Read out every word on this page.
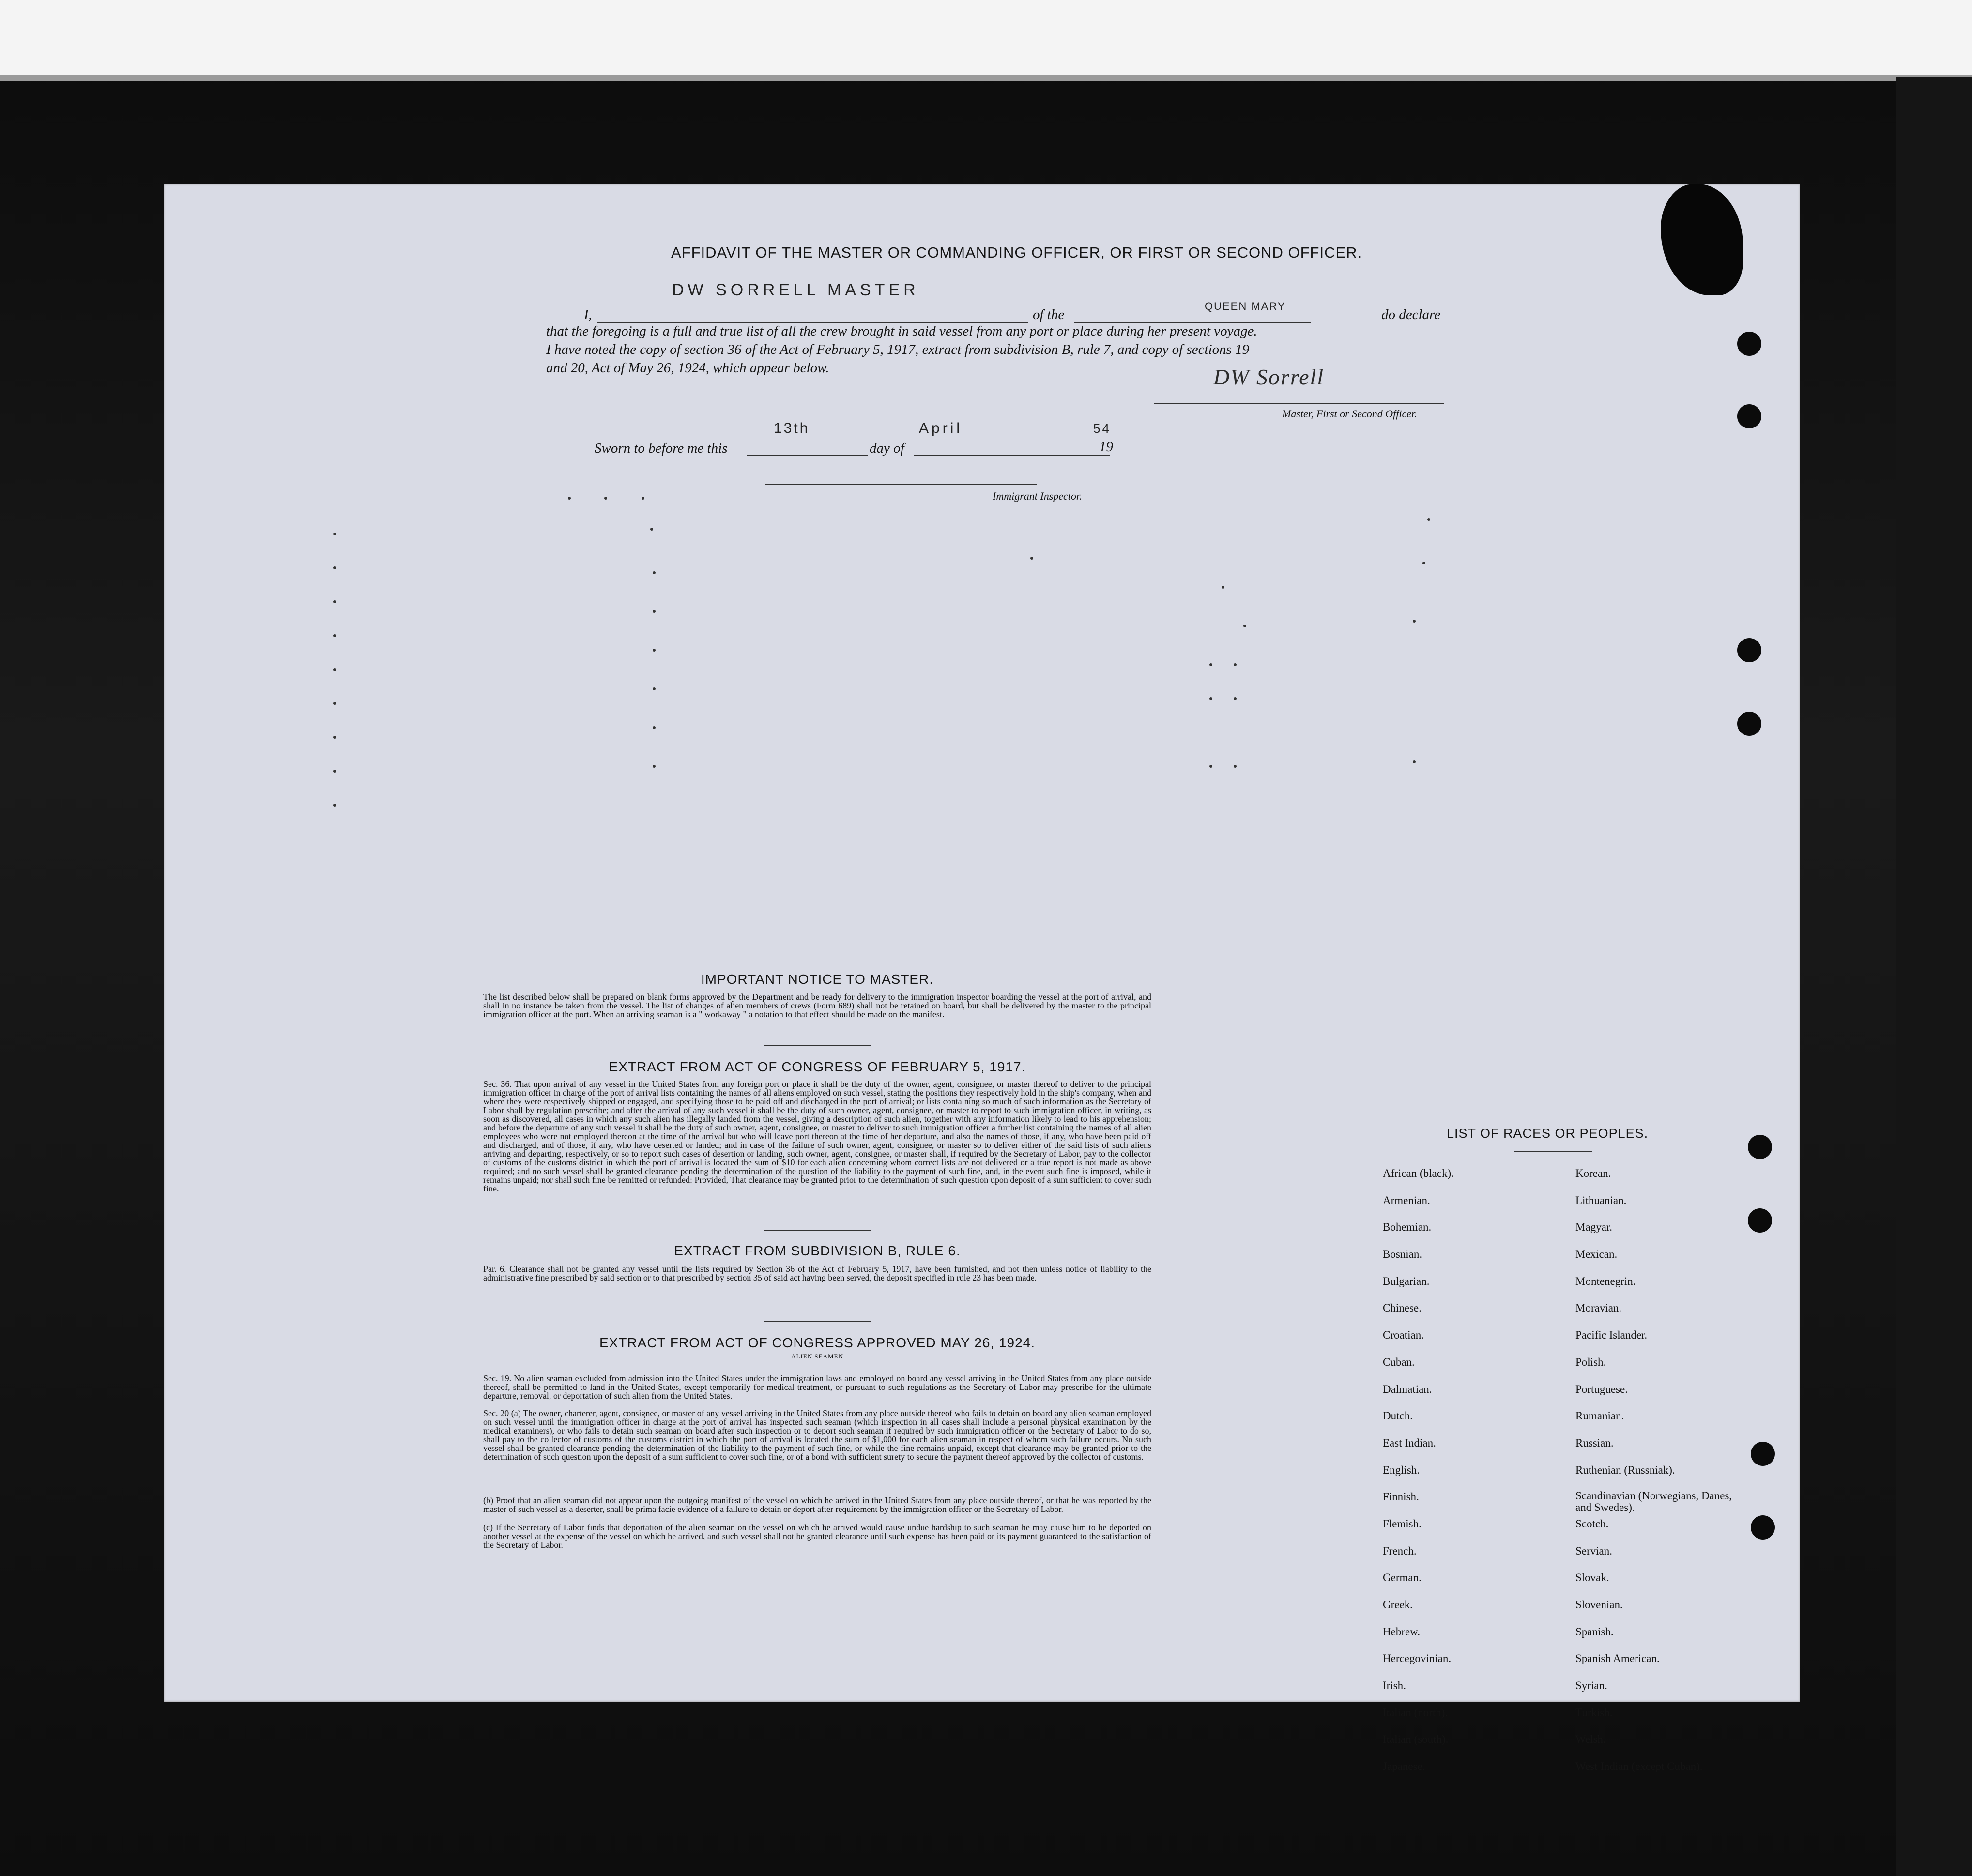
AFFIDAVIT OF THE MASTER OR COMMANDING OFFICER, OR FIRST OR SECOND OFFICER.
I,
DW SORRELL MASTER
of the
QUEEN MARY
do declare
that the foregoing is a full and true list of all the crew brought in said vessel from any port or place during her present voyage.
I have noted the copy of section 36 of the Act of February 5, 1917, extract from subdivision B, rule 7, and copy of sections 19
and 20, Act of May 26, 1924, which appear below.	DW Sorrell
Master, First or Second Officer.
Sworn to before me this
13th
day of
April
19
54
Immigrant Inspector.
IMPORTANT NOTICE TO MASTER.
The list described below shall be prepared on blank forms approved by the Department and be ready for delivery to the immigration inspector boarding the vessel at the port of arrival, and shall in no instance be taken from the vessel. The list of changes of alien members of crews (Form 689) shall not be retained on board, but shall be delivered by the master to the principal immigration officer at the port. When an arriving seaman is a " workaway " a notation to that effect should be made on the manifest.
EXTRACT FROM ACT OF CONGRESS OF FEBRUARY 5, 1917.
Sec. 36. That upon arrival of any vessel in the United States from any foreign port or place it shall be the duty of the owner, agent, consignee, or master thereof to deliver to the principal immigration officer in charge of the port of arrival lists containing the names of all aliens employed on such vessel, stating the positions they respectively hold in the ship's company, when and where they were respectively shipped or engaged, and specifying those to be paid off and discharged in the port of arrival; or lists containing so much of such information as the Secretary of Labor shall by regulation prescribe; and after the arrival of any such vessel it shall be the duty of such owner, agent, consignee, or master to report to such immigration officer, in writing, as soon as discovered, all cases in which any such alien has illegally landed from the vessel, giving a description of such alien, together with any information likely to lead to his apprehension; and before the departure of any such vessel it shall be the duty of such owner, agent, consignee, or master to deliver to such immigration officer a further list containing the names of all alien employees who were not employed thereon at the time of the arrival but who will leave port thereon at the time of her departure, and also the names of those, if any, who have been paid off and discharged, and of those, if any, who have deserted or landed; and in case of the failure of such owner, agent, consignee, or master so to deliver either of the said lists of such aliens arriving and departing, respectively, or so to report such cases of desertion or landing, such owner, agent, consignee, or master shall, if required by the Secretary of Labor, pay to the collector of customs of the customs district in which the port of arrival is located the sum of $10 for each alien concerning whom correct lists are not delivered or a true report is not made as above required; and no such vessel shall be granted clearance pending the determination of the question of the liability to the payment of such fine, and, in the event such fine is imposed, while it remains unpaid; nor shall such fine be remitted or refunded: Provided, That clearance may be granted prior to the determination of such question upon deposit of a sum sufficient to cover such fine.
EXTRACT FROM SUBDIVISION B, RULE 6.
Par. 6. Clearance shall not be granted any vessel until the lists required by Section 36 of the Act of February 5, 1917, have been furnished, and not then unless notice of liability to the administrative fine prescribed by said section or to that prescribed by section 35 of said act having been served, the deposit specified in rule 23 has been made.
EXTRACT FROM ACT OF CONGRESS APPROVED MAY 26, 1924.
ALIEN SEAMEN
Sec. 19. No alien seaman excluded from admission into the United States under the immigration laws and employed on board any vessel arriving in the United States from any place outside thereof, shall be permitted to land in the United States, except temporarily for medical treatment, or pursuant to such regulations as the Secretary of Labor may prescribe for the ultimate departure, removal, or deportation of such alien from the United States.
Sec. 20 (a) The owner, charterer, agent, consignee, or master of any vessel arriving in the United States from any place outside thereof who fails to detain on board any alien seaman employed on such vessel until the immigration officer in charge at the port of arrival has inspected such seaman (which inspection in all cases shall include a personal physical examination by the medical examiners), or who fails to detain such seaman on board after such inspection or to deport such seaman if required by such immigration officer or the Secretary of Labor to do so, shall pay to the collector of customs of the customs district in which the port of arrival is located the sum of $1,000 for each alien seaman in respect of whom such failure occurs. No such vessel shall be granted clearance pending the determination of the liability to the payment of such fine, or while the fine remains unpaid, except that clearance may be granted prior to the determination of such question upon the deposit of a sum sufficient to cover such fine, or of a bond with sufficient surety to secure the payment thereof approved by the collector of customs.
(b) Proof that an alien seaman did not appear upon the outgoing manifest of the vessel on which he arrived in the United States from any place outside thereof, or that he was reported by the master of such vessel as a deserter, shall be prima facie evidence of a failure to detain or deport after requirement by the immigration officer or the Secretary of Labor.
(c) If the Secretary of Labor finds that deportation of the alien seaman on the vessel on which he arrived would cause undue hardship to such seaman he may cause him to be deported on another vessel at the expense of the vessel on which he arrived, and such vessel shall not be granted clearance until such expense has been paid or its payment guaranteed to the satisfaction of the Secretary of Labor.
LIST OF RACES OR PEOPLES.
African (black).
Armenian.
Bohemian.
Bosnian.
Bulgarian.
Chinese.
Croatian.
Cuban.
Dalmatian.
Dutch.
East Indian.
English.
Finnish.
Flemish.
French.
German.
Greek.
Hebrew.
Hercegovinian.
Irish.
Italian (north).
Italian (south).
Japanese.
Korean.
Lithuanian.
Magyar.
Mexican.
Montenegrin.
Moravian.
Pacific Islander.
Polish.
Portuguese.
Rumanian.
Russian.
Ruthenian (Russniak).
Scandinavian (Norwegians, Danes, and Swedes).
Scotch.
Servian.
Slovak.
Slovenian.
Spanish.
Spanish American.
Syrian.
Turkish.
Welsh.
West Indian (except Cuban).
